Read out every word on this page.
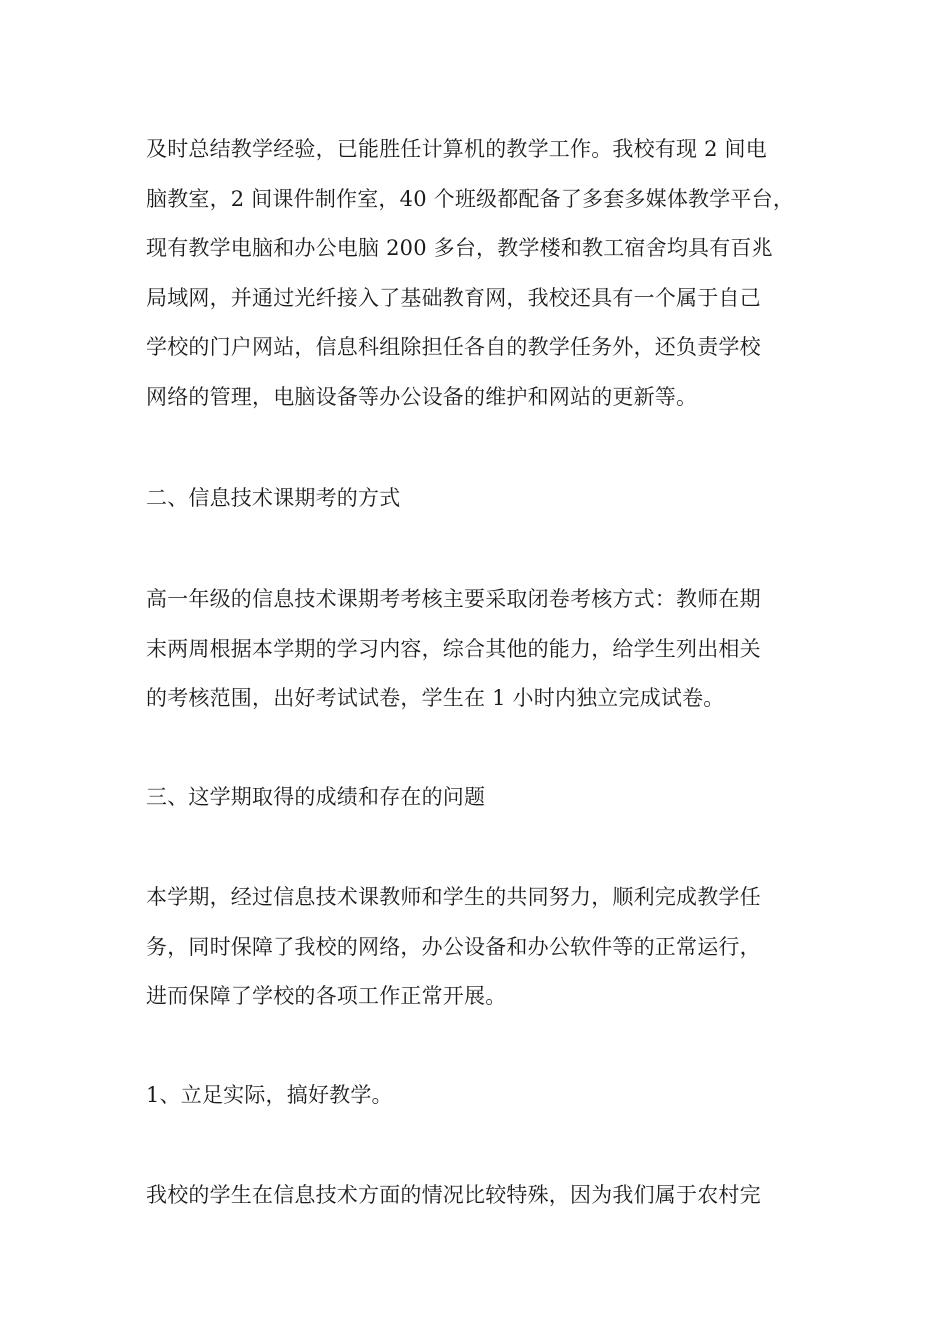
及时总结教学经验，已能胜任计算机的教学工作。我校有现 2 间电
脑教室，2 间课件制作室，40 个班级都配备了多套多媒体教学平台，
现有教学电脑和办公电脑 200 多台，教学楼和教工宿舍均具有百兆
局域网，并通过光纤接入了基础教育网，我校还具有一个属于自己
学校的门户网站，信息科组除担任各自的教学任务外，还负责学校
网络的管理，电脑设备等办公设备的维护和网站的更新等。
二、信息技术课期考的方式
高一年级的信息技术课期考考核主要采取闭卷考核方式：教师在期
末两周根据本学期的学习内容，综合其他的能力，给学生列出相关
的考核范围，出好考试试卷，学生在 1 小时内独立完成试卷。
三、这学期取得的成绩和存在的问题
本学期，经过信息技术课教师和学生的共同努力，顺利完成教学任
务，同时保障了我校的网络，办公设备和办公软件等的正常运行，
进而保障了学校的各项工作正常开展。
1、立足实际，搞好教学。
我校的学生在信息技术方面的情况比较特殊，因为我们属于农村完
